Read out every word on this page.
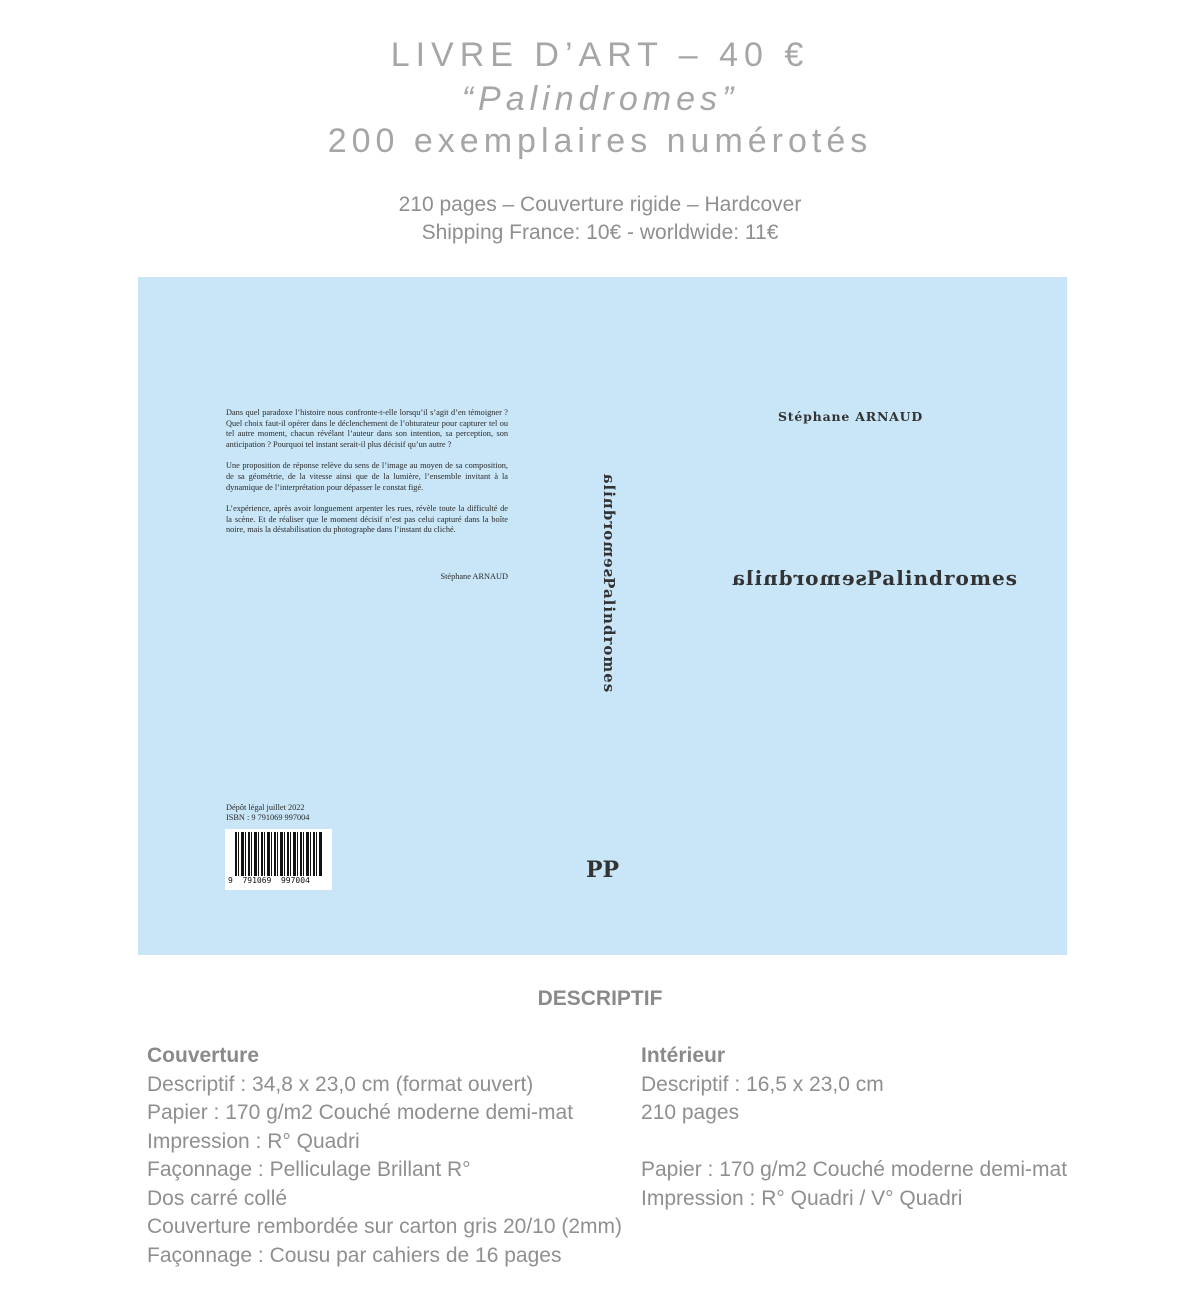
LIVRE D’ART – 40 €
“Palindromes”
200 exemplaires numérotés
210 pages – Couverture rigide – Hardcover
Shipping France: 10€ - worldwide: 11€

Dans quel paradoxe l’histoire nous confronte-t-elle lorsqu’il s’agit d’en témoigner ? Quel choix faut-il opérer dans le déclenchement de l’obturateur pour capturer tel ou tel autre moment, chacun révélant l’auteur dans son intention, sa perception, son anticipation ? Pourquoi tel instant serait-il plus décisif qu’un autre ?

Une proposition de réponse relève du sens de l’image au moyen de sa composition, de sa géométrie, de la vitesse ainsi que de la lumière, l’ensemble invitant à la dynamique de l’interprétation pour dépasser le constat figé.

L’expérience, après avoir longuement arpenter les rues, révèle toute la difficulté de la scène. Et de réaliser que le moment décisif n’est pas celui capturé dans la boîte noire, mais la déstabilisation du photographe dans l’instant du cliché.

Stéphane ARNAUD
Dépôt légal juillet 2022
ISBN : 9 791069 997004
9  791069  997004
semordnilaPalindromes
Stéphane ARNAUD
semordnilaPalindromes
PP
DESCRIPTIF
Couverture
Descriptif : 34,8 x 23,0 cm (format ouvert)
Papier : 170 g/m2 Couché moderne demi-mat
Impression : R° Quadri
Façonnage : Pelliculage Brillant R°
Dos carré collé
Couverture rembordée sur carton gris 20/10 (2mm)
Façonnage : Cousu par cahiers de 16 pages
Intérieur
Descriptif : 16,5 x 23,0 cm
210 pages
Papier : 170 g/m2 Couché moderne demi-mat
Impression : R° Quadri / V° Quadri
